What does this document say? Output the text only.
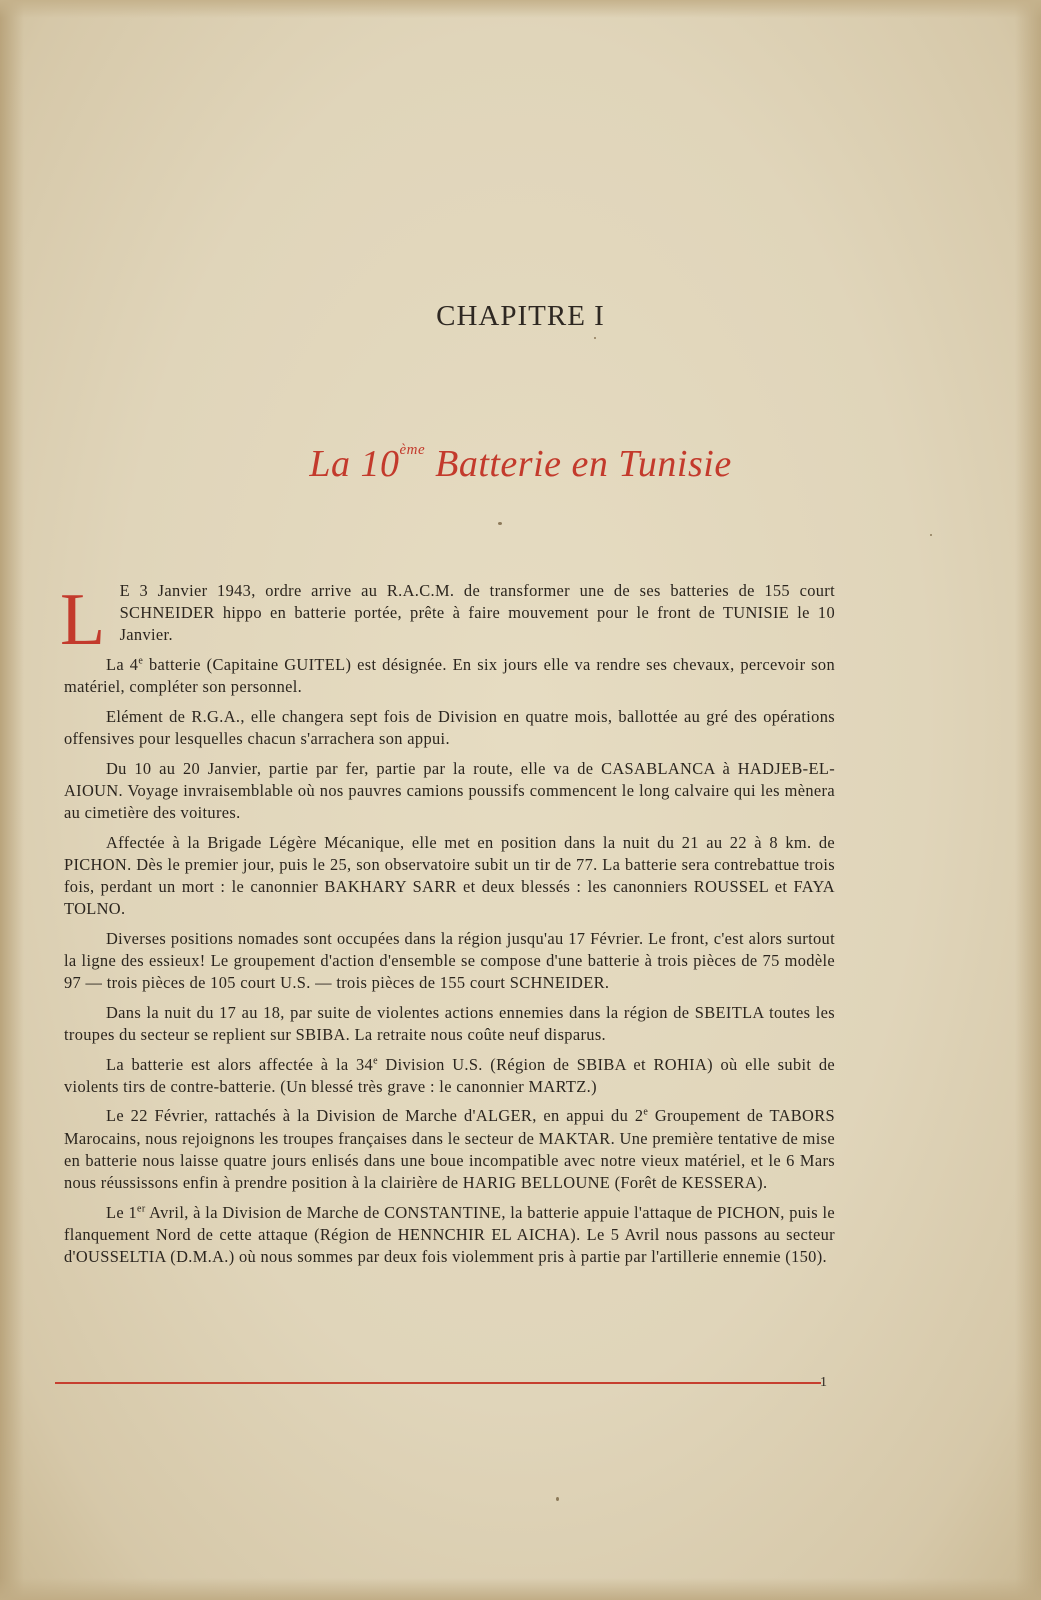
CHAPITRE I
La 10ème Batterie en Tunisie

L E 3 Janvier 1943, ordre arrive au R.A.C.M. de transformer une de ses batteries de 155 court SCHNEIDER hippo en batterie portée, prête à faire mouvement pour le front de TUNISIE le 10 Janvier.

La 4e batterie (Capitaine GUITEL) est désignée. En six jours elle va rendre ses chevaux, percevoir son matériel, compléter son personnel.

Elément de R.G.A., elle changera sept fois de Division en quatre mois, ballottée au gré des opérations offensives pour lesquelles chacun s'arrachera son appui.

Du 10 au 20 Janvier, partie par fer, partie par la route, elle va de CASABLANCA à HADJEB-EL-AIOUN. Voyage invraisemblable où nos pauvres camions poussifs commencent le long calvaire qui les mènera au cimetière des voitures.

Affectée à la Brigade Légère Mécanique, elle met en position dans la nuit du 21 au 22 à 8 km. de PICHON. Dès le premier jour, puis le 25, son observatoire subit un tir de 77. La batterie sera contrebattue trois fois, perdant un mort : le canonnier BAKHARY SARR et deux blessés : les canonniers ROUSSEL et FAYA TOLNO.

Diverses positions nomades sont occupées dans la région jusqu'au 17 Février. Le front, c'est alors surtout la ligne des essieux! Le groupement d'action d'ensemble se compose d'une batterie à trois pièces de 75 modèle 97 — trois pièces de 105 court U.S. — trois pièces de 155 court SCHNEIDER.

Dans la nuit du 17 au 18, par suite de violentes actions ennemies dans la région de SBEITLA toutes les troupes du secteur se replient sur SBIBA. La retraite nous coûte neuf disparus.

La batterie est alors affectée à la 34e Division U.S. (Région de SBIBA et ROHIA) où elle subit de violents tirs de contre-batterie. (Un blessé très grave : le canonnier MARTZ.)

Le 22 Février, rattachés à la Division de Marche d'ALGER, en appui du 2e Groupement de TABORS Marocains, nous rejoignons les troupes françaises dans le secteur de MAKTAR. Une première tentative de mise en batterie nous laisse quatre jours enlisés dans une boue incompatible avec notre vieux matériel, et le 6 Mars nous réussissons enfin à prendre position à la clairière de HARIG BELLOUNE (Forêt de KESSERA).

Le 1er Avril, à la Division de Marche de CONSTANTINE, la batterie appuie l'attaque de PICHON, puis le flanquement Nord de cette attaque (Région de HENNCHIR EL AICHA). Le 5 Avril nous passons au secteur d'OUSSELTIA (D.M.A.) où nous sommes par deux fois violemment pris à partie par l'artillerie ennemie (150).

1
